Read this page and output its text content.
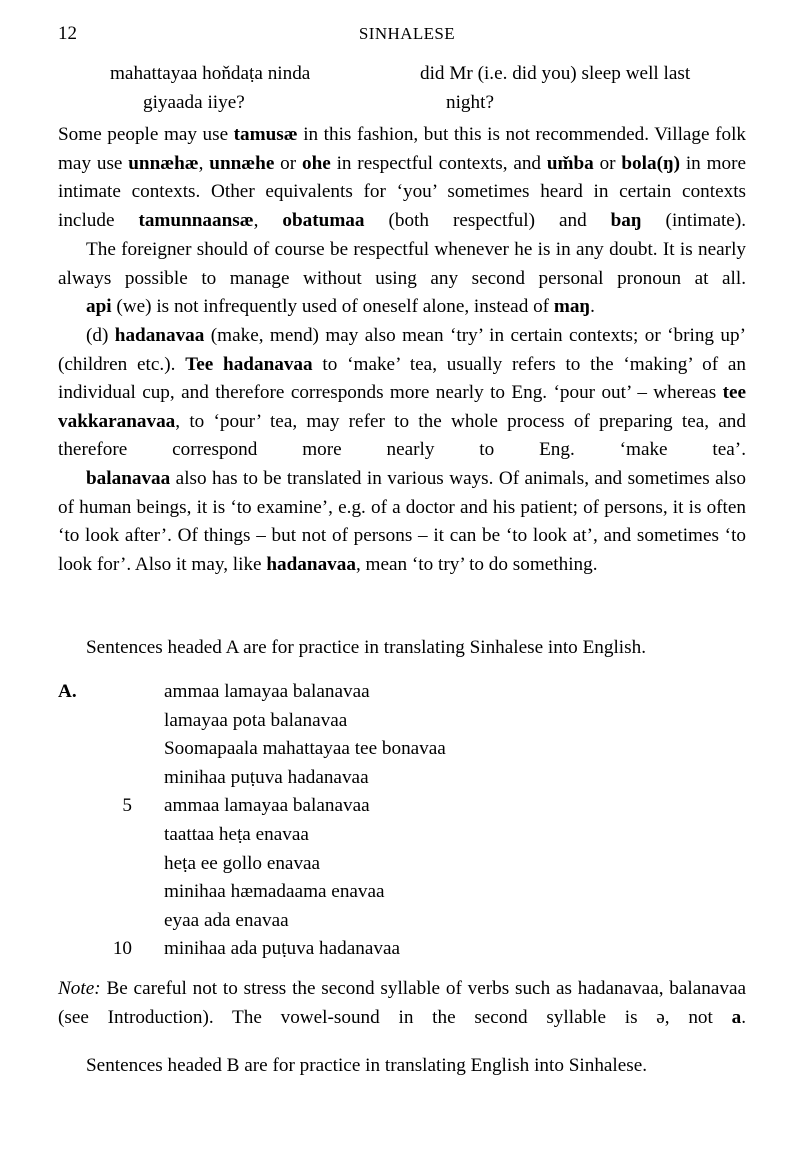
12	SINHALESE
mahattayaa hoňdaṭa ninda	did Mr (i.e. did you) sleep well last
giyaada iiye?	night?

Some people may use tamusæ in this fashion, but this is not recommended. Village folk may use unnæhæ, unnæhe or ohe in respectful contexts, and um̌ba or bola(ŋ) in more intimate contexts. Other equivalents for ‘you’ sometimes heard in certain contexts include tamunnaansæ, obatumaa (both respectful) and baŋ (intimate).

The foreigner should of course be respectful whenever he is in any doubt. It is nearly always possible to manage without using any second personal pronoun at all.

api (we) is not infrequently used of oneself alone, instead of maŋ.

(d) hadanavaa (make, mend) may also mean ‘try’ in certain contexts; or ‘bring up’ (children etc.). Tee hadanavaa to ‘make’ tea, usually refers to the ‘making’ of an individual cup, and therefore corresponds more nearly to Eng. ‘pour out’ – whereas tee vakkaranavaa, to ‘pour’ tea, may refer to the whole process of preparing tea, and therefore correspond more nearly to Eng. ‘make tea’.

balanavaa also has to be translated in various ways. Of animals, and sometimes also of human beings, it is ‘to examine’, e.g. of a doctor and his patient; of persons, it is often ‘to look after’. Of things – but not of persons – it can be ‘to look at’, and sometimes ‘to look for’. Also it may, like hadanavaa, mean ‘to try’ to do something.

Sentences headed A are for practice in translating Sinhalese into English.
A.	ammaa lamayaa balanavaa
lamayaa pota balanavaa
Soomapaala mahattayaa tee bonavaa
minihaa puṭuva hadanavaa
5 ammaa lamayaa balanavaa
taattaa heṭa enavaa
heṭa ee gollo enavaa
minihaa hæmadaama enavaa
eyaa ada enavaa
10 minihaa ada puṭuva hadanavaa
Note: Be careful not to stress the second syllable of verbs such as hadanavaa, balanavaa (see Introduction). The vowel-sound in the second syllable is ə, not a.
Sentences headed B are for practice in translating English into Sinhalese.
